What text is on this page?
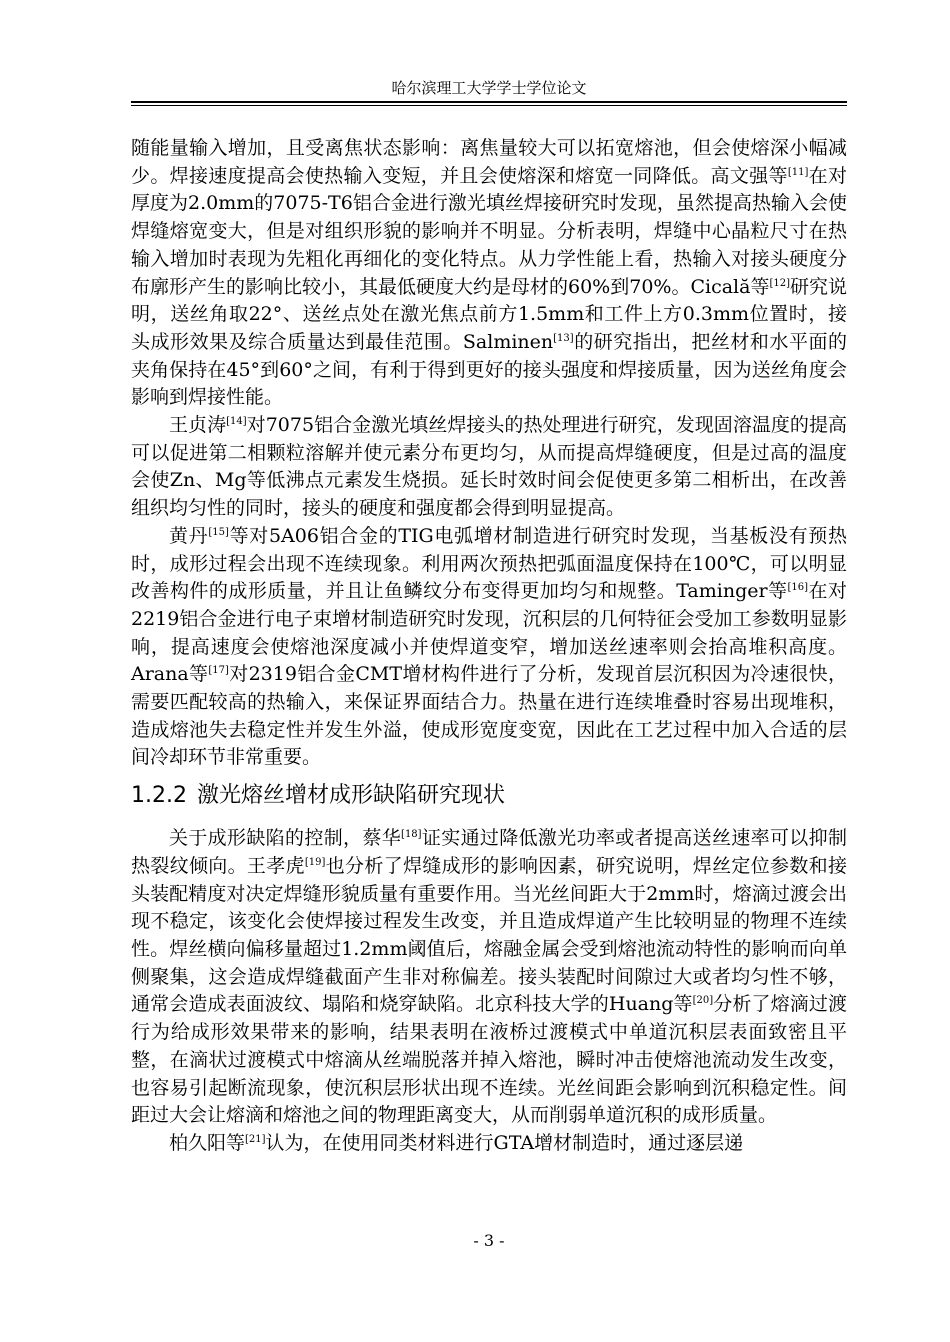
哈尔滨理工大学学士学位论文

随能量输入增加，且受离焦状态影响：离焦量较大可以拓宽熔池，但会使熔深小幅减少。焊接速度提高会使热输入变短，并且会使熔深和熔宽一同降低。高文强等[11]在对厚度为2.0mm的7075-T6铝合金进行激光填丝焊接研究时发现，虽然提高热输入会使焊缝熔宽变大，但是对组织形貌的影响并不明显。分析表明，焊缝中心晶粒尺寸在热输入增加时表现为先粗化再细化的变化特点。从力学性能上看，热输入对接头硬度分布廓形产生的影响比较小，其最低硬度大约是母材的60%到70%。Cicală等[12]研究说明，送丝角取22°、送丝点处在激光焦点前方1.5mm和工件上方0.3mm位置时，接头成形效果及综合质量达到最佳范围。Salminen[13]的研究指出，把丝材和水平面的夹角保持在45°到60°之间，有利于得到更好的接头强度和焊接质量，因为送丝角度会影响到焊接性能。

王贞涛[14]对7075铝合金激光填丝焊接头的热处理进行研究，发现固溶温度的提高可以促进第二相颗粒溶解并使元素分布更均匀，从而提高焊缝硬度，但是过高的温度会使Zn、Mg等低沸点元素发生烧损。延长时效时间会促使更多第二相析出，在改善组织均匀性的同时，接头的硬度和强度都会得到明显提高。

黄丹[15]等对5A06铝合金的TIG电弧增材制造进行研究时发现，当基板没有预热时，成形过程会出现不连续现象。利用两次预热把弧面温度保持在100℃，可以明显改善构件的成形质量，并且让鱼鳞纹分布变得更加均匀和规整。Taminger等[16]在对2219铝合金进行电子束增材制造研究时发现，沉积层的几何特征会受加工参数明显影响，提高速度会使熔池深度减小并使焊道变窄，增加送丝速率则会抬高堆积高度。Arana等[17]对2319铝合金CMT增材构件进行了分析，发现首层沉积因为冷速很快，需要匹配较高的热输入，来保证界面结合力。热量在进行连续堆叠时容易出现堆积，造成熔池失去稳定性并发生外溢，使成形宽度变宽，因此在工艺过程中加入合适的层间冷却环节非常重要。

1.2.2 激光熔丝增材成形缺陷研究现状

关于成形缺陷的控制，蔡华[18]证实通过降低激光功率或者提高送丝速率可以抑制热裂纹倾向。王孝虎[19]也分析了焊缝成形的影响因素，研究说明，焊丝定位参数和接头装配精度对决定焊缝形貌质量有重要作用。当光丝间距大于2mm时，熔滴过渡会出现不稳定，该变化会使焊接过程发生改变，并且造成焊道产生比较明显的物理不连续性。焊丝横向偏移量超过1.2mm阈值后，熔融金属会受到熔池流动特性的影响而向单侧聚集，这会造成焊缝截面产生非对称偏差。接头装配时间隙过大或者均匀性不够，通常会造成表面波纹、塌陷和烧穿缺陷。北京科技大学的Huang等[20]分析了熔滴过渡行为给成形效果带来的影响，结果表明在液桥过渡模式中单道沉积层表面致密且平整，在滴状过渡模式中熔滴从丝端脱落并掉入熔池，瞬时冲击使熔池流动发生改变，也容易引起断流现象，使沉积层形状出现不连续。光丝间距会影响到沉积稳定性。间距过大会让熔滴和熔池之间的物理距离变大，从而削弱单道沉积的成形质量。

柏久阳等[21]认为，在使用同类材料进行GTA增材制造时，通过逐层递

- 3 -
